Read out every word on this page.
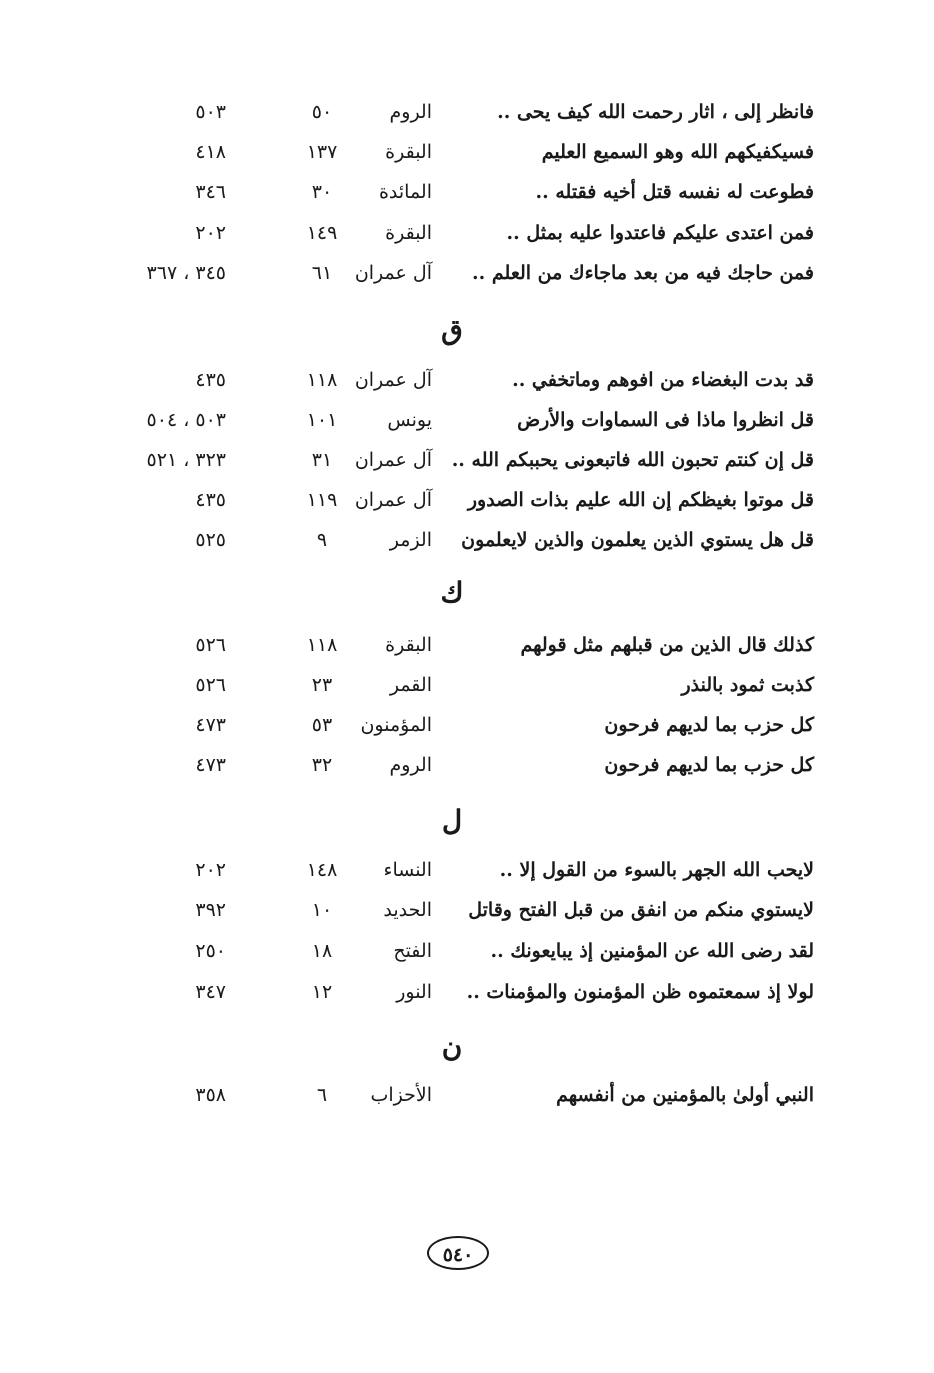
فانظر إلى ، اثار رحمت الله كيف يحى ..
الروم
٥٠
٥٠٣
فسيكفيكهم الله وهو السميع العليم
البقرة
١٣٧
٤١٨
فطوعت له نفسه قتل أخيه فقتله ..
المائدة
٣٠
٣٤٦
فمن اعتدى عليكم فاعتدوا عليه بمثل ..
البقرة
١٤٩
٢٠٢
فمن حاجك فيه من بعد ماجاءك من العلم ..
آل عمران
٦١
٣٤٥ ، ٣٦٧
ق
قد بدت البغضاء من افوهم وماتخفي ..
آل عمران
١١٨
٤٣٥
قل انظروا ماذا فى السماوات والأرض
يونس
١٠١
٥٠٣ ، ٥٠٤
قل إن كنتم تحبون الله فاتبعونى يحببكم الله ..
آل عمران
٣١
٣٢٣ ، ٥٢١
قل موتوا بغيظكم إن الله عليم بذات الصدور
آل عمران
١١٩
٤٣٥
قل هل يستوي الذين يعلمون والذين لايعلمون
الزمر
٩
٥٢٥
ك
كذلك قال الذين من قبلهم مثل قولهم
البقرة
١١٨
٥٢٦
كذبت ثمود بالنذر
القمر
٢٣
٥٢٦
كل حزب بما لديهم فرحون
المؤمنون
٥٣
٤٧٣
كل حزب بما لديهم فرحون
الروم
٣٢
٤٧٣
ل
لايحب الله الجهر بالسوء من القول إلا ..
النساء
١٤٨
٢٠٢
لايستوي منكم من انفق من قبل الفتح وقاتل
الحديد
١٠
٣٩٢
لقد رضى الله عن المؤمنين إذ يبايعونك ..
الفتح
١٨
٢٥٠
لولا إذ سمعتموه ظن المؤمنون والمؤمنات ..
النور
١٢
٣٤٧
ن
النبي أولىٰ بالمؤمنين من أنفسهم
الأحزاب
٦
٣٥٨
٥٤٠
